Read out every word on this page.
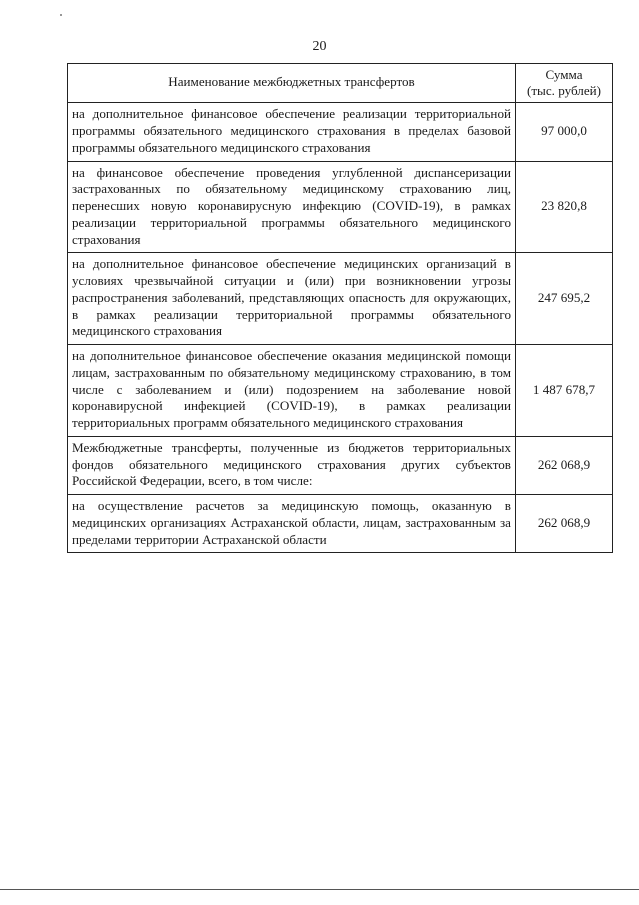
20
Наименование межбюджетных трансфертов	Сумма
(тыс. рублей)
на дополнительное финансовое обеспечение реализации территориальной программы обязательного медицинского страхования в пределах базовой программы обязательного медицинского страхования	97 000,0
на финансовое обеспечение проведения углубленной диспансеризации застрахованных по обязательному медицинскому страхованию лиц, перенесших новую коронавирусную инфекцию (COVID-19), в рамках реализации территориальной программы обязательного медицинского страхования	23 820,8
на дополнительное финансовое обеспечение медицинских организаций в условиях чрезвычайной ситуации и (или) при возникновении угрозы распространения заболеваний, представляющих опасность для окружающих, в рамках реализации территориальной программы обязательного медицинского страхования	247 695,2
на дополнительное финансовое обеспечение оказания медицинской помощи лицам, застрахованным по обязательному медицинскому страхованию, в том числе с заболеванием и (или) подозрением на заболевание новой коронавирусной инфекцией (COVID-19), в рамках реализации территориальных программ обязательного медицинского страхования	1 487 678,7
Межбюджетные трансферты, полученные из бюджетов территориальных фондов обязательного медицинского страхования других субъектов Российской Федерации, всего, в том числе:	262 068,9
на осуществление расчетов за медицинскую помощь, оказанную в медицинских организациях Астраханской области, лицам, застрахованным за пределами территории Астраханской области	262 068,9
